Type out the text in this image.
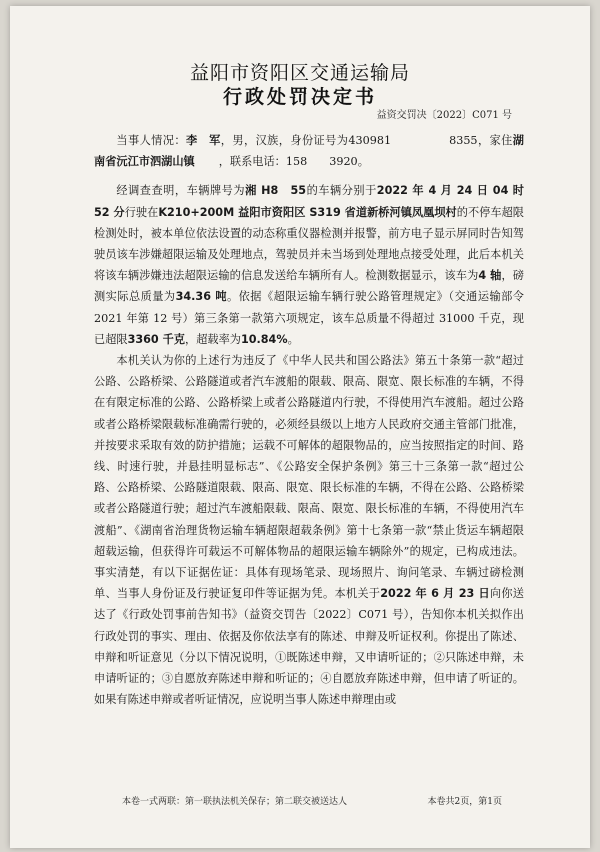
益阳市资阳区交通运输局
行政处罚决定书
益资交罚决〔2022〕C071 号

当事人情况：李　军，男，汉族，身份证号为430981	8355，家住湖南省沅江市泗湖山镇 ，联系电话：158 3920。

经调查查明，车辆牌号为湘 H8　55的车辆分别于2022 年 4 月 24 日 04 时 52 分行驶在K210+200M 益阳市资阳区 S319 省道新桥河镇凤凰坝村的不停车超限检测处时，被本单位依法设置的动态称重仪器检测并报警，前方电子显示屏同时告知驾驶员该车涉嫌超限运输及处理地点，驾驶员并未当场到处理地点接受处理，此后本机关将该车辆涉嫌违法超限运输的信息发送给车辆所有人。检测数据显示，该车为4 轴，磅测实际总质量为34.36 吨。依据《超限运输车辆行驶公路管理规定》（交通运输部令 2021 年第 12 号）第三条第一款第六项规定，该车总质量不得超过 31000 千克，现已超限3360 千克，超载率为10.84%。

本机关认为你的上述行为违反了《中华人民共和国公路法》第五十条第一款“超过公路、公路桥梁、公路隧道或者汽车渡船的限载、限高、限宽、限长标准的车辆，不得在有限定标准的公路、公路桥梁上或者公路隧道内行驶，不得使用汽车渡船。超过公路或者公路桥梁限载标准确需行驶的，必须经县级以上地方人民政府交通主管部门批准，并按要求采取有效的防护措施；运载不可解体的超限物品的，应当按照指定的时间、路线、时速行驶，并悬挂明显标志”、《公路安全保护条例》第三十三条第一款“超过公路、公路桥梁、公路隧道限载、限高、限宽、限长标准的车辆，不得在公路、公路桥梁或者公路隧道行驶；超过汽车渡船限载、限高、限宽、限长标准的车辆，不得使用汽车渡船”、《湖南省治理货物运输车辆超限超载条例》第十七条第一款“禁止货运车辆超限超载运输，但获得许可载运不可解体物品的超限运输车辆除外”的规定，已构成违法。事实清楚，有以下证据佐证：具体有现场笔录、现场照片、询问笔录、车辆过磅检测单、当事人身份证及行驶证复印件等证据为凭。本机关于2022 年 6 月 23 日向你送达了《行政处罚事前告知书》（益资交罚告〔2022〕C071 号），告知你本机关拟作出行政处罚的事实、理由、依据及你依法享有的陈述、申辩及听证权利。你提出了陈述、申辩和听证意见（分以下情况说明，①既陈述申辩，又申请听证的；②只陈述申辩，未申请听证的；③自愿放弃陈述申辩和听证的；④自愿放弃陈述申辩，但申请了听证的。如果有陈述申辩或者听证情况，应说明当事人陈述申辩理由或

本卷一式两联：第一联执法机关保存；第二联交被送达人	本卷共2页，第1页
